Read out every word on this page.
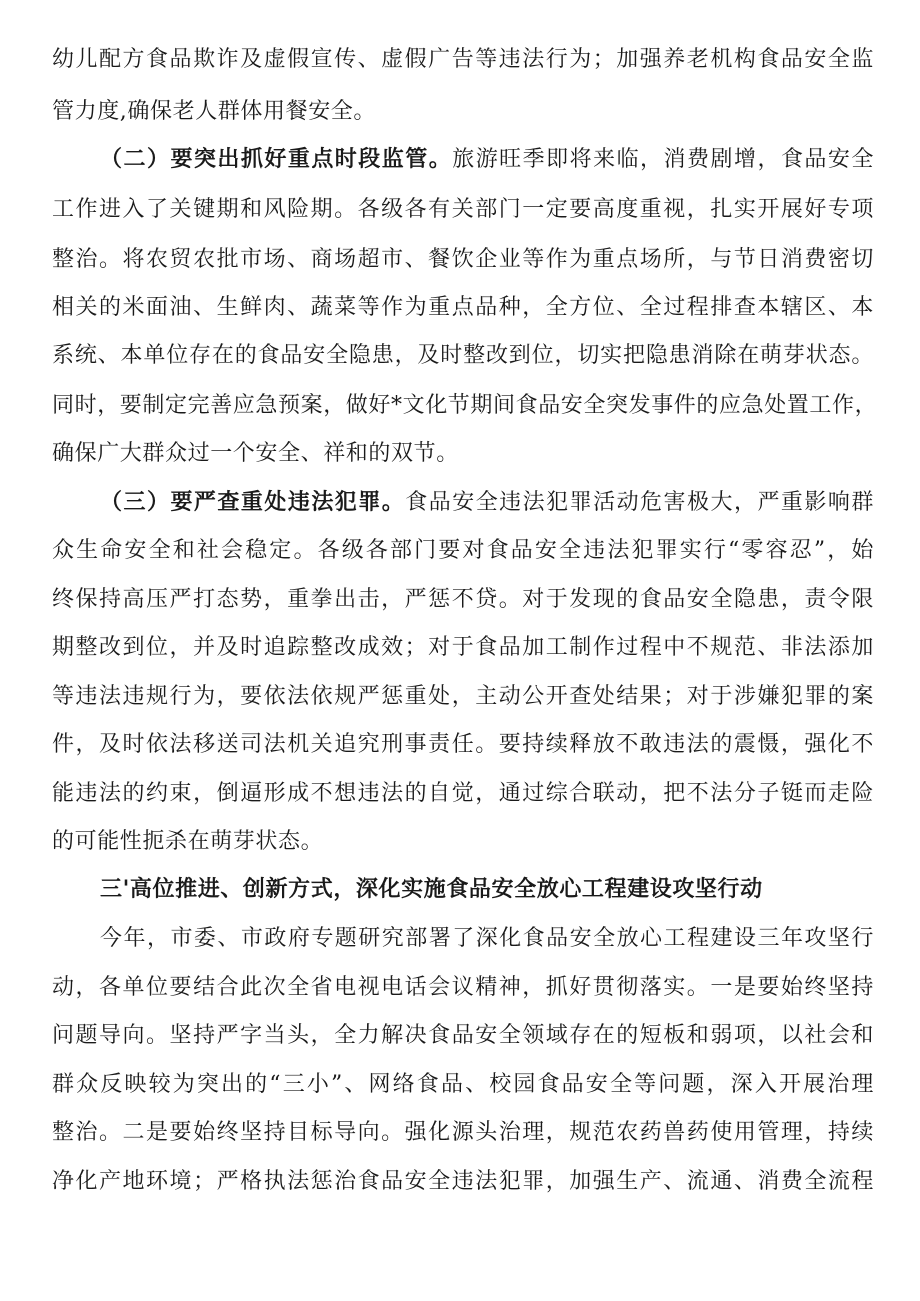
幼儿配方食品欺诈及虚假宣传、虚假广告等违法行为；加强养老机构食品安全监
管力度,确保老人群体用餐安全。
（二）要突出抓好重点时段监管。旅游旺季即将来临，消费剧增，食品安全
工作进入了关键期和风险期。各级各有关部门一定要高度重视，扎实开展好专项
整治。将农贸农批市场、商场超市、餐饮企业等作为重点场所，与节日消费密切
相关的米面油、生鲜肉、蔬菜等作为重点品种，全方位、全过程排查本辖区、本
系统、本单位存在的食品安全隐患，及时整改到位，切实把隐患消除在萌芽状态。
同时，要制定完善应急预案，做好*文化节期间食品安全突发事件的应急处置工作，
确保广大群众过一个安全、祥和的双节。
（三）要严查重处违法犯罪。食品安全违法犯罪活动危害极大，严重影响群
众生命安全和社会稳定。各级各部门要对食品安全违法犯罪实行“零容忍”，始
终保持高压严打态势，重拳出击，严惩不贷。对于发现的食品安全隐患，责令限
期整改到位，并及时追踪整改成效；对于食品加工制作过程中不规范、非法添加
等违法违规行为，要依法依规严惩重处，主动公开查处结果；对于涉嫌犯罪的案
件，及时依法移送司法机关追究刑事责任。要持续释放不敢违法的震慑，强化不
能违法的约束，倒逼形成不想违法的自觉，通过综合联动，把不法分子铤而走险
的可能性扼杀在萌芽状态。
三'高位推进、创新方式，深化实施食品安全放心工程建设攻坚行动
今年，市委、市政府专题研究部署了深化食品安全放心工程建设三年攻坚行
动，各单位要结合此次全省电视电话会议精神，抓好贯彻落实。一是要始终坚持
问题导向。坚持严字当头，全力解决食品安全领域存在的短板和弱项，以社会和
群众反映较为突出的“三小”、网络食品、校园食品安全等问题，深入开展治理
整治。二是要始终坚持目标导向。强化源头治理，规范农药兽药使用管理，持续
净化产地环境；严格执法惩治食品安全违法犯罪，加强生产、流通、消费全流程
